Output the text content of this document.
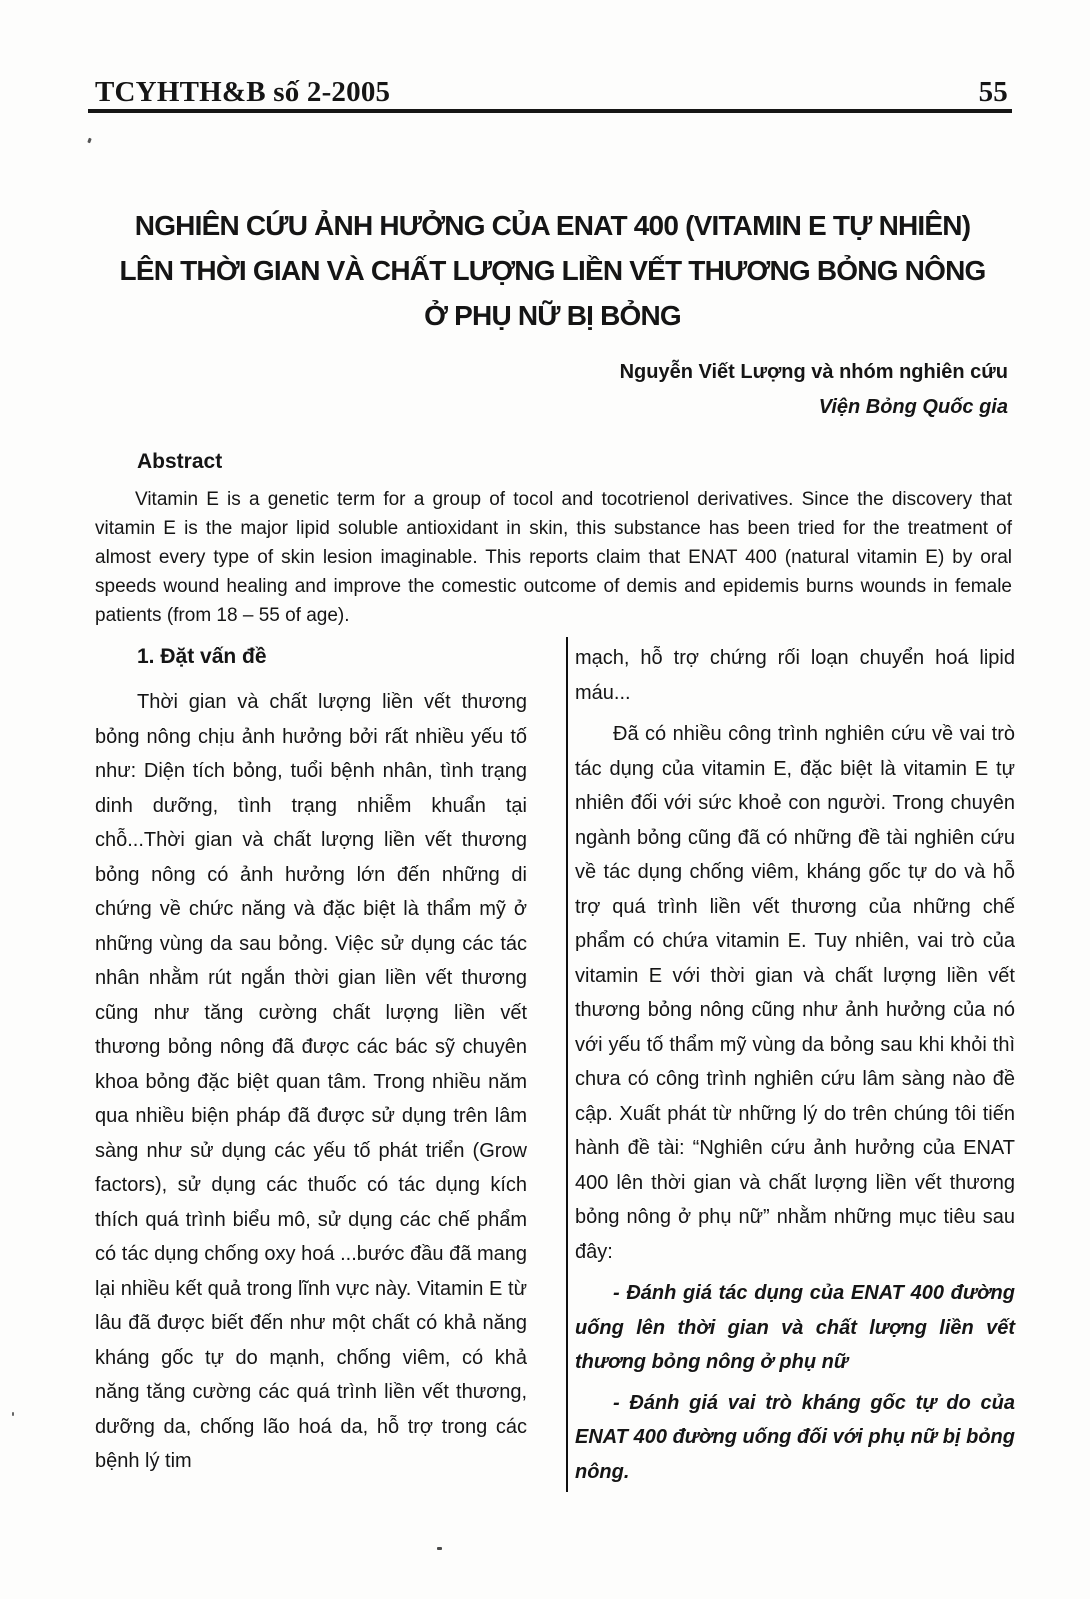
TCYHTH&B số 2-2005	55
NGHIÊN CỨU ẢNH HƯỞNG CỦA ENAT 400 (VITAMIN E TỰ NHIÊN)
LÊN THỜI GIAN VÀ CHẤT LƯỢNG LIỀN VẾT THƯƠNG BỎNG NÔNG
Ở PHỤ NỮ BỊ BỎNG
Nguyễn Viết Lượng và nhóm nghiên cứu
Viện Bỏng Quốc gia
Abstract

Vitamin E is a genetic term for a group of tocol and tocotrienol derivatives. Since the discovery that vitamin E is the major lipid soluble antioxidant in skin, this substance has been tried for the treatment of almost every type of skin lesion imaginable. This reports claim that ENAT 400 (natural vitamin E) by oral speeds wound healing and improve the comestic outcome of demis and epidemis burns wounds in female patients (from 18 – 55 of age).

1. Đặt vấn đề

Thời gian và chất lượng liền vết thương bỏng nông chịu ảnh hưởng bởi rất nhiều yếu tố như: Diện tích bỏng, tuổi bệnh nhân, tình trạng dinh dưỡng, tình trạng nhiễm khuẩn tại chỗ...Thời gian và chất lượng liền vết thương bỏng nông có ảnh hưởng lớn đến những di chứng về chức năng và đặc biệt là thẩm mỹ ở những vùng da sau bỏng. Việc sử dụng các tác nhân nhằm rút ngắn thời gian liền vết thương cũng như tăng cường chất lượng liền vết thương bỏng nông đã được các bác sỹ chuyên khoa bỏng đặc biệt quan tâm. Trong nhiều năm qua nhiều biện pháp đã được sử dụng trên lâm sàng như sử dụng các yếu tố phát triển (Grow factors), sử dụng các thuốc có tác dụng kích thích quá trình biểu mô, sử dụng các chế phẩm có tác dụng chống oxy hoá ...bước đầu đã mang lại nhiều kết quả trong lĩnh vực này. Vitamin E từ lâu đã được biết đến như một chất có khả năng kháng gốc tự do mạnh, chống viêm, có khả năng tăng cường các quá trình liền vết thương, dưỡng da, chống lão hoá da, hỗ trợ trong các bệnh lý tim

mạch, hỗ trợ chứng rối loạn chuyển hoá lipid máu...

Đã có nhiều công trình nghiên cứu về vai trò tác dụng của vitamin E, đặc biệt là vitamin E tự nhiên đối với sức khoẻ con người. Trong chuyên ngành bỏng cũng đã có những đề tài nghiên cứu về tác dụng chống viêm, kháng gốc tự do và hỗ trợ quá trình liền vết thương của những chế phẩm có chứa vitamin E. Tuy nhiên, vai trò của vitamin E với thời gian và chất lượng liền vết thương bỏng nông cũng như ảnh hưởng của nó với yếu tố thẩm mỹ vùng da bỏng sau khi khỏi thì chưa có công trình nghiên cứu lâm sàng nào đề cập. Xuất phát từ những lý do trên chúng tôi tiến hành đề tài: “Nghiên cứu ảnh hưởng của ENAT 400 lên thời gian và chất lượng liền vết thương bỏng nông ở phụ nữ” nhằm những mục tiêu sau đây:

- Đánh giá tác dụng của ENAT 400 đường uống lên thời gian và chất lượng liền vết thương bỏng nông ở phụ nữ

- Đánh giá vai trò kháng gốc tự do của ENAT 400 đường uống đối với phụ nữ bị bỏng nông.
